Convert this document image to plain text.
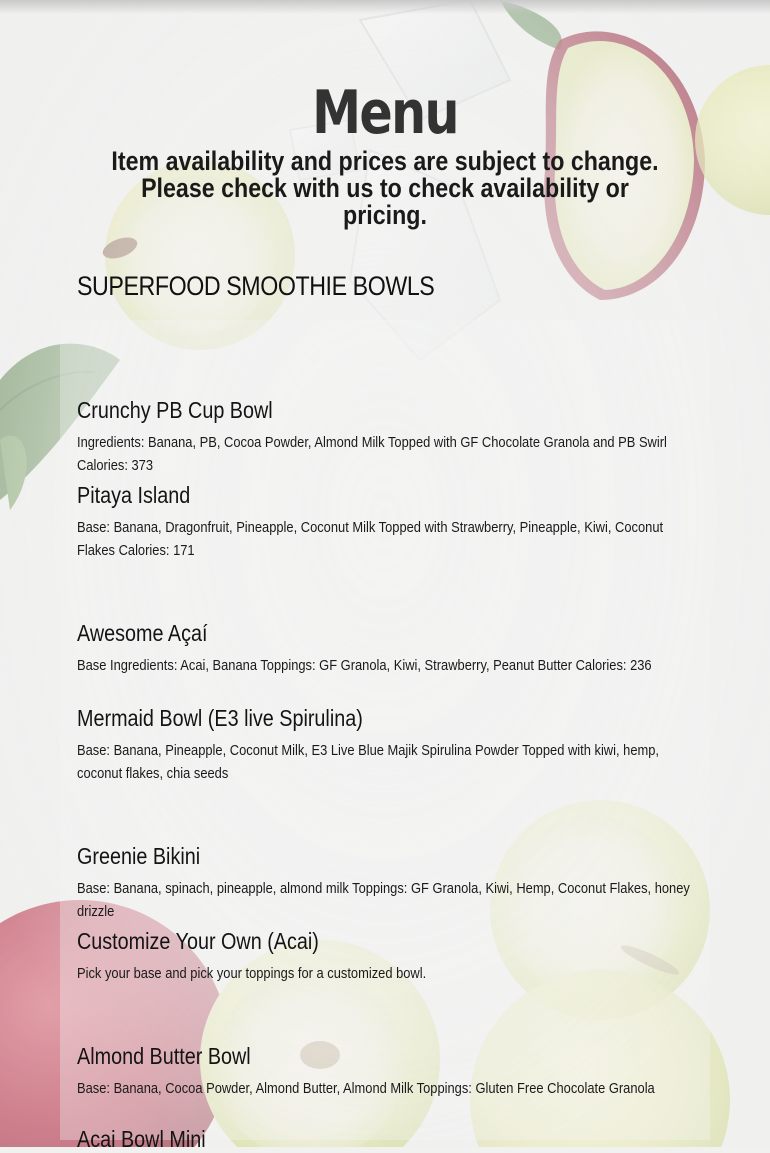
Menu
Item availability and prices are subject to change. Please check with us to check availability or pricing.
SUPERFOOD SMOOTHIE BOWLS
Crunchy PB Cup Bowl
Ingredients: Banana, PB, Cocoa Powder, Almond Milk Topped with GF Chocolate Granola and PB Swirl Calories: 373
Pitaya Island
Base: Banana, Dragonfruit, Pineapple, Coconut Milk Topped with Strawberry, Pineapple, Kiwi, Coconut Flakes Calories: 171
Awesome Açaí
Base Ingredients: Acai, Banana Toppings: GF Granola, Kiwi, Strawberry, Peanut Butter Calories: 236
Mermaid Bowl (E3 live Spirulina)
Base: Banana, Pineapple, Coconut Milk, E3 Live Blue Majik Spirulina Powder Topped with kiwi, hemp, coconut flakes, chia seeds
Greenie Bikini
Base: Banana, spinach, pineapple, almond milk Toppings: GF Granola, Kiwi, Hemp, Coconut Flakes, honey drizzle
Customize Your Own (Acai)
Pick your base and pick your toppings for a customized bowl.
Almond Butter Bowl
Base: Banana, Cocoa Powder, Almond Butter, Almond Milk Toppings: Gluten Free Chocolate Granola
Acai Bowl Mini
